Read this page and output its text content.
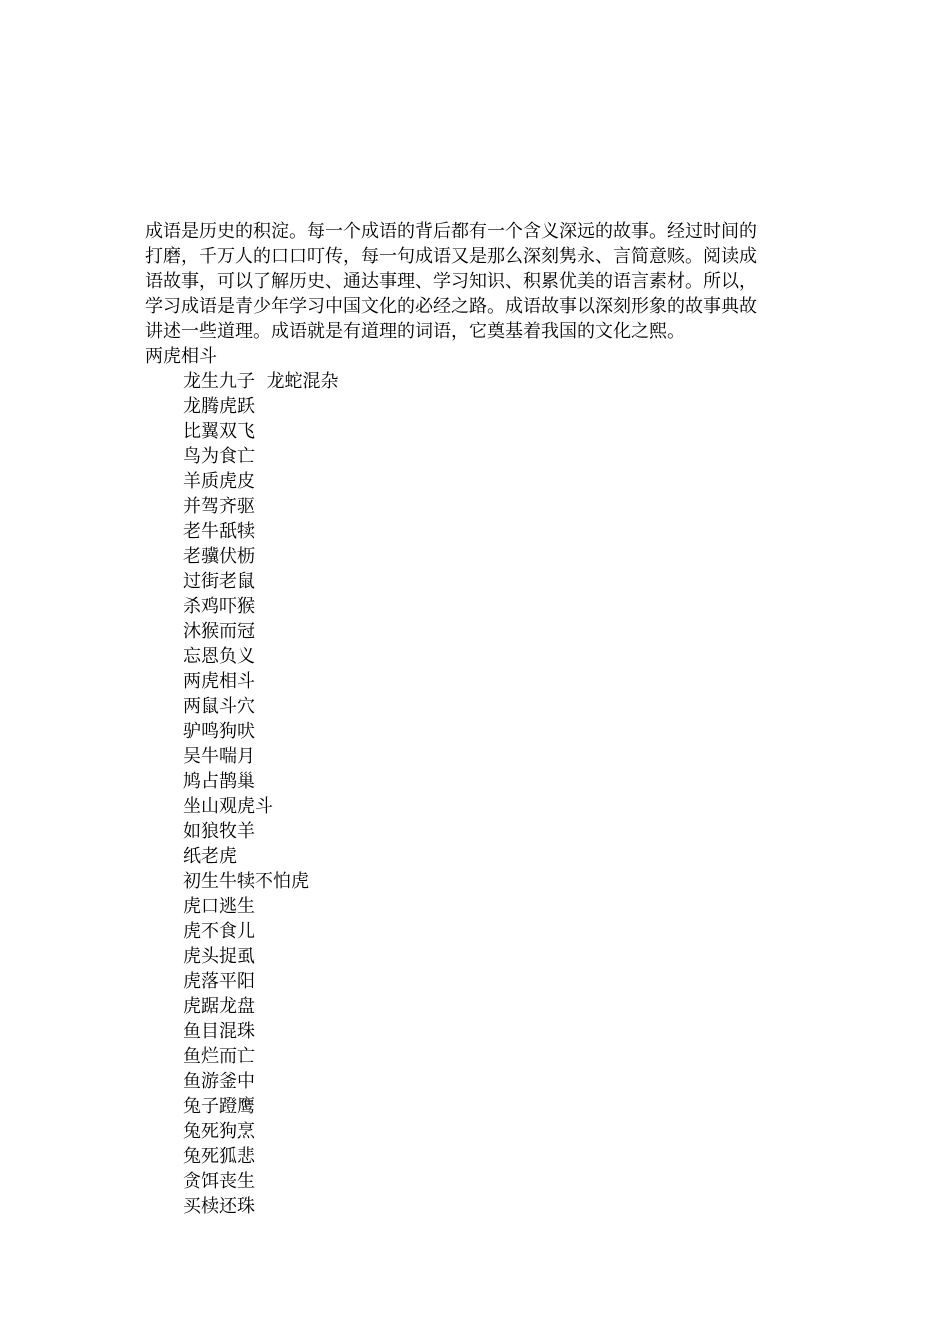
成语是历史的积淀。每一个成语的背后都有一个含义深远的故事。经过时间的
打磨，千万人的口口叮传，每一句成语又是那么深刻隽永、言简意赅。阅读成
语故事，可以了解历史、通达事理、学习知识、积累优美的语言素材。所以，
学习成语是青少年学习中国文化的必经之路。成语故事以深刻形象的故事典故
讲述一些道理。成语就是有道理的词语，它奠基着我国的文化之熙。

两虎相斗
龙生九子  龙蛇混杂
龙腾虎跃
比翼双飞
鸟为食亡
羊质虎皮
并驾齐驱
老牛舐犊
老骥伏枥
过街老鼠
杀鸡吓猴
沐猴而冠
忘恩负义
两虎相斗
两鼠斗穴
驴鸣狗吠
吴牛喘月
鸠占鹊巢
坐山观虎斗
如狼牧羊
纸老虎
初生牛犊不怕虎
虎口逃生
虎不食儿
虎头捉虱
虎落平阳
虎踞龙盘
鱼目混珠
鱼烂而亡
鱼游釜中
兔子蹬鹰
兔死狗烹
兔死狐悲
贪饵丧生
买椟还珠
